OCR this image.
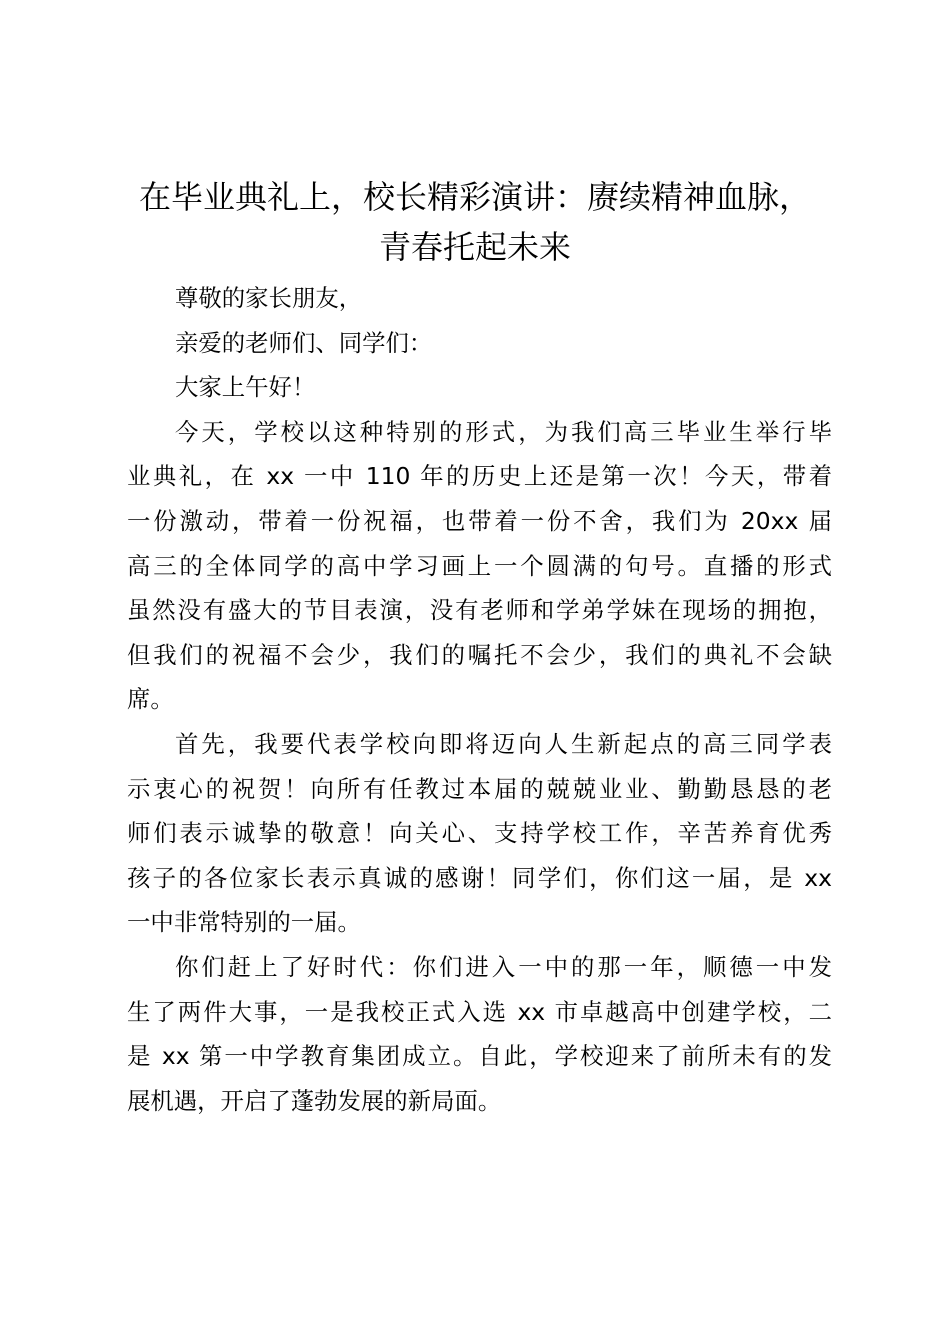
在毕业典礼上，校长精彩演讲：赓续精神血脉，
青春托起未来

尊敬的家长朋友，

亲爱的老师们、同学们：

大家上午好！

今天，学校以这种特别的形式，为我们高三毕业生举行毕
业典礼，在 xx 一中 110 年的历史上还是第一次！今天，带着
一份激动，带着一份祝福，也带着一份不舍，我们为 20xx 届
高三的全体同学的高中学习画上一个圆满的句号。直播的形式
虽然没有盛大的节目表演，没有老师和学弟学妹在现场的拥抱，
但我们的祝福不会少，我们的嘱托不会少，我们的典礼不会缺
席。

首先，我要代表学校向即将迈向人生新起点的高三同学表
示衷心的祝贺！向所有任教过本届的兢兢业业、勤勤恳恳的老
师们表示诚挚的敬意！向关心、支持学校工作，辛苦养育优秀
孩子的各位家长表示真诚的感谢！同学们，你们这一届，是 xx
一中非常特别的一届。

你们赶上了好时代：你们进入一中的那一年，顺德一中发
生了两件大事，一是我校正式入选 xx 市卓越高中创建学校，二
是 xx 第一中学教育集团成立。自此，学校迎来了前所未有的发
展机遇，开启了蓬勃发展的新局面。
